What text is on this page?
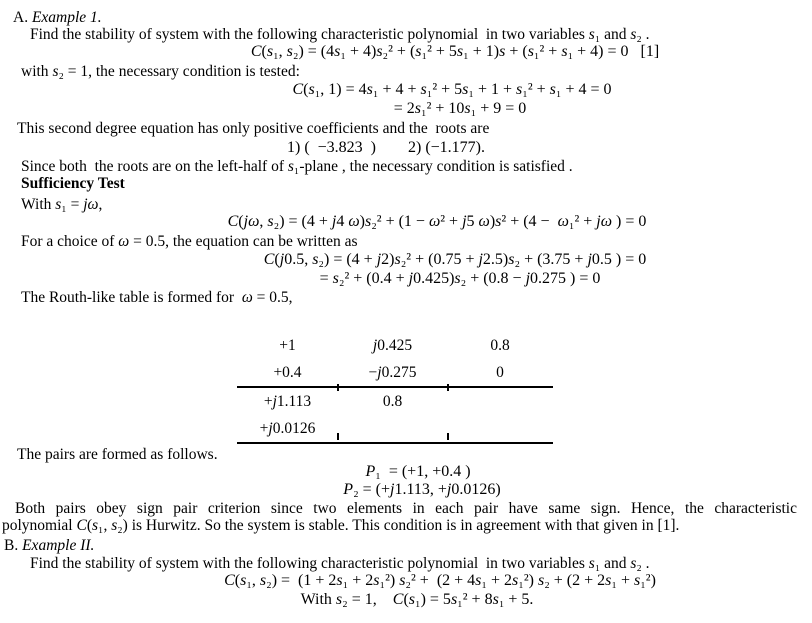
A. Example 1.
Find the stability of system with the following characteristic polynomial  in two variables s₁ and s₂ .
C(s₁, s₂) = (4s₁ + 4)s₂² + (s₁² + 5s₁ + 1)s + (s₁² + s₁ + 4) = 0   [1]
with s₂ = 1, the necessary condition is tested:
C(s₁, 1) = 4s₁ + 4 + s₁² + 5s₁ + 1 + s₁² + s₁ + 4 = 0
= 2s₁² + 10s₁ + 9 = 0
This second degree equation has only positive coefficients and the  roots are
1) (  −3.823  )        2) (−1.177).
Since both  the roots are on the left-half of s₁-plane , the necessary condition is satisfied .
Sufficiency Test
With s₁ = jω,
C(jω, s₂) = (4 + j4 ω)s₂² + (1 − ω² + j5 ω)s² + (4 −  ω₁² + jω ) = 0
For a choice of ω = 0.5, the equation can be written as
C(j0.5, s₂) = (4 + j2)s₂² + (0.75 + j2.5)s₂ + (3.75 + j0.5 ) = 0
= s₂² + (0.4 + j0.425)s₂ + (0.8 − j0.275 ) = 0
The Routh-like table is formed for  ω = 0.5,
+1	j0.425	0.8
+0.4	−j0.275	0
+j1.113	0.8
+j0.0126
The pairs are formed as follows.
P₁  = (+1, +0.4 )
P₂ = (+j1.113, +j0.0126)
Both pairs obey sign pair criterion since two elements in each pair have same sign. Hence, the characteristic
polynomial C(s₁, s₂) is Hurwitz. So the system is stable. This condition is in agreement with that given in [1].
B. Example II.
Find the stability of system with the following characteristic polynomial  in two variables s₁ and s₂ .
C(s₁, s₂) =  (1 + 2s₁ + 2s₁²) s₂² +  (2 + 4s₁ + 2s₁²) s₂ + (2 + 2s₁ + s₁²)
With s₂ = 1,    C(s₁) = 5s₁² + 8s₁ + 5.
